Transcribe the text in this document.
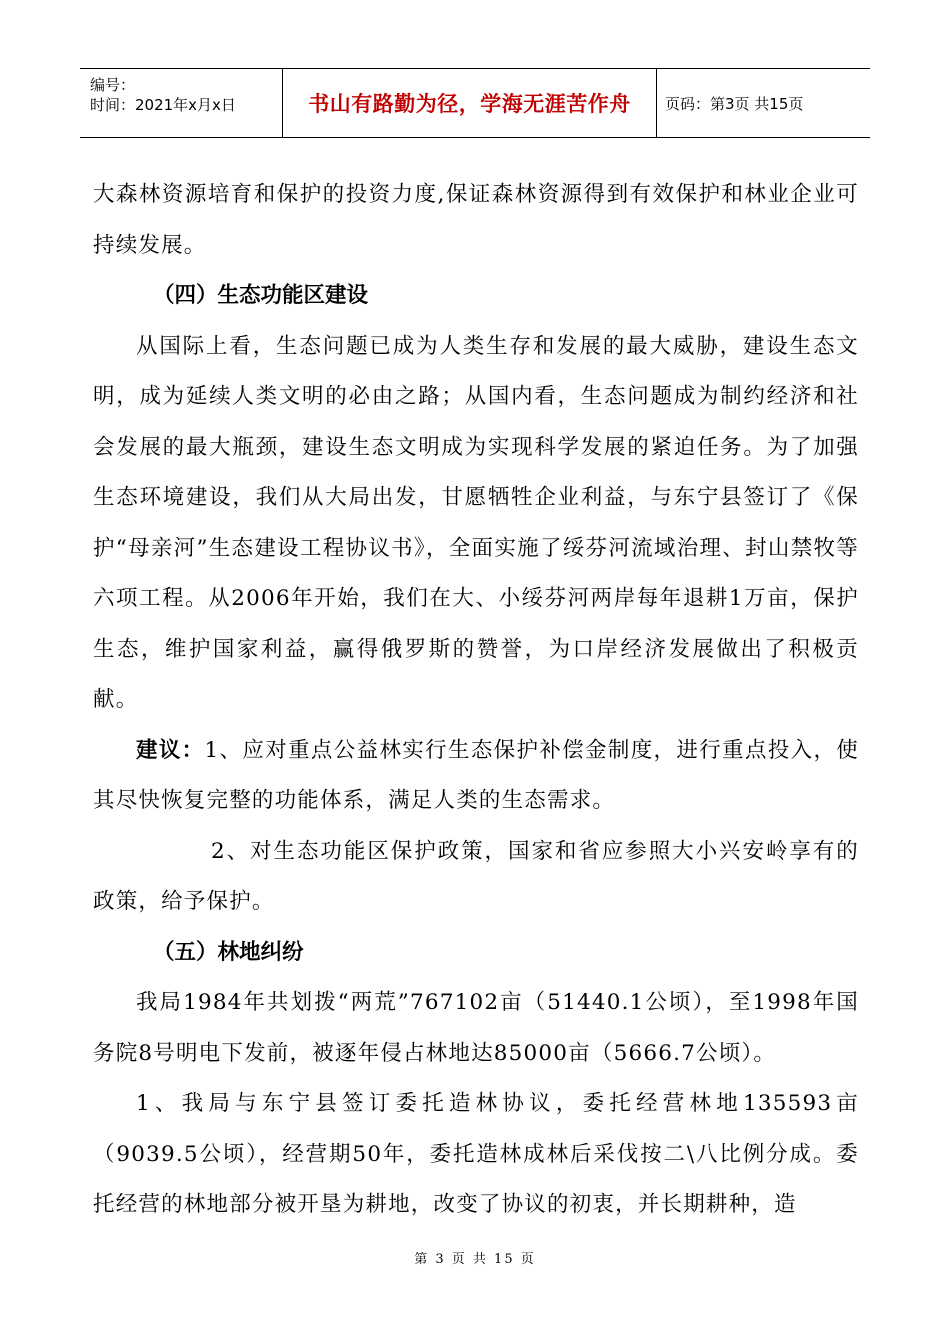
编号：
时间：2021年x月x日	书山有路勤为径，学海无涯苦作舟	页码：第3页 共15页

大森林资源培育和保护的投资力度,保证森林资源得到有效保护和林业企业可持续发展。

（四）生态功能区建设

从国际上看，生态问题已成为人类生存和发展的最大威胁，建设生态文明，成为延续人类文明的必由之路；从国内看，生态问题成为制约经济和社会发展的最大瓶颈，建设生态文明成为实现科学发展的紧迫任务。为了加强生态环境建设，我们从大局出发，甘愿牺牲企业利益，与东宁县签订了《保护“母亲河”生态建设工程协议书》，全面实施了绥芬河流域治理、封山禁牧等六项工程。从2006年开始，我们在大、小绥芬河两岸每年退耕1万亩，保护生态，维护国家利益，赢得俄罗斯的赞誉，为口岸经济发展做出了积极贡献。

建议：1、应对重点公益林实行生态保护补偿金制度，进行重点投入，使其尽快恢复完整的功能体系，满足人类的生态需求。

2、对生态功能区保护政策，国家和省应参照大小兴安岭享有的政策，给予保护。

（五）林地纠纷

我局1984年共划拨“两荒”767102亩（51440.1公顷），至1998年国务院8号明电下发前，被逐年侵占林地达85000亩（5666.7公顷）。

1、我局与东宁县签订委托造林协议，委托经营林地135593亩（9039.5公顷），经营期50年，委托造林成林后采伐按二\八比例分成。委托经营的林地部分被开垦为耕地，改变了协议的初衷，并长期耕种，造

第 3 页 共 15 页
